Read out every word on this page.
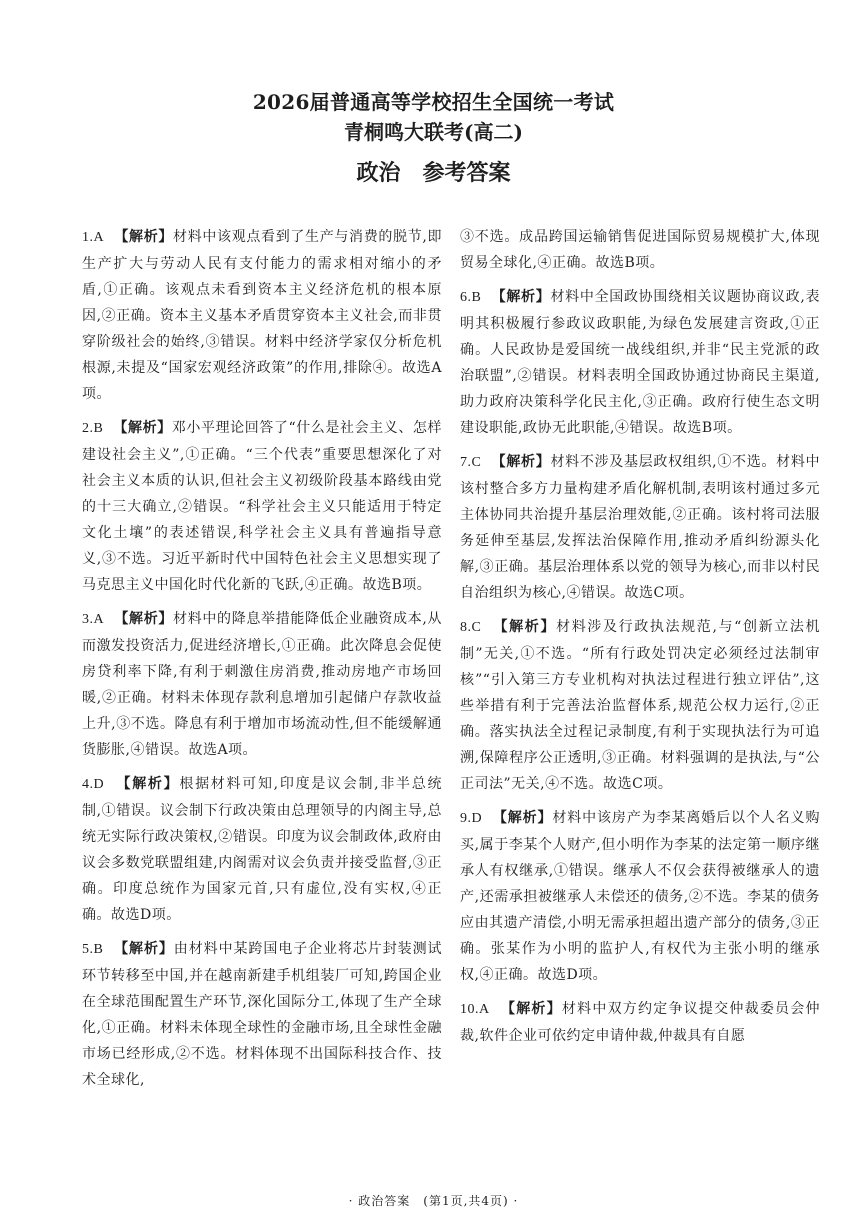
2026届普通高等学校招生全国统一考试
青桐鸣大联考(高二)
政治　参考答案

1.A 【解析】材料中该观点看到了生产与消费的脱节,即生产扩大与劳动人民有支付能力的需求相对缩小的矛盾,①正确。该观点未看到资本主义经济危机的根本原因,②正确。资本主义基本矛盾贯穿资本主义社会,而非贯穿阶级社会的始终,③错误。材料中经济学家仅分析危机根源,未提及“国家宏观经济政策”的作用,排除④。故选A项。

2.B 【解析】邓小平理论回答了“什么是社会主义、怎样建设社会主义”,①正确。“三个代表”重要思想深化了对社会主义本质的认识,但社会主义初级阶段基本路线由党的十三大确立,②错误。“科学社会主义只能适用于特定文化土壤”的表述错误,科学社会主义具有普遍指导意义,③不选。习近平新时代中国特色社会主义思想实现了马克思主义中国化时代化新的飞跃,④正确。故选B项。

3.A 【解析】材料中的降息举措能降低企业融资成本,从而激发投资活力,促进经济增长,①正确。此次降息会促使房贷利率下降,有利于刺激住房消费,推动房地产市场回暖,②正确。材料未体现存款利息增加引起储户存款收益上升,③不选。降息有利于增加市场流动性,但不能缓解通货膨胀,④错误。故选A项。

4.D 【解析】根据材料可知,印度是议会制,非半总统制,①错误。议会制下行政决策由总理领导的内阁主导,总统无实际行政决策权,②错误。印度为议会制政体,政府由议会多数党联盟组建,内阁需对议会负责并接受监督,③正确。印度总统作为国家元首,只有虚位,没有实权,④正确。故选D项。

5.B 【解析】由材料中某跨国电子企业将芯片封装测试环节转移至中国,并在越南新建手机组装厂可知,跨国企业在全球范围配置生产环节,深化国际分工,体现了生产全球化,①正确。材料未体现全球性的金融市场,且全球性金融市场已经形成,②不选。材料体现不出国际科技合作、技术全球化,

③不选。成品跨国运输销售促进国际贸易规模扩大,体现贸易全球化,④正确。故选B项。

6.B 【解析】材料中全国政协围绕相关议题协商议政,表明其积极履行参政议政职能,为绿色发展建言资政,①正确。人民政协是爱国统一战线组织,并非“民主党派的政治联盟”,②错误。材料表明全国政协通过协商民主渠道,助力政府决策科学化民主化,③正确。政府行使生态文明建设职能,政协无此职能,④错误。故选B项。

7.C 【解析】材料不涉及基层政权组织,①不选。材料中该村整合多方力量构建矛盾化解机制,表明该村通过多元主体协同共治提升基层治理效能,②正确。该村将司法服务延伸至基层,发挥法治保障作用,推动矛盾纠纷源头化解,③正确。基层治理体系以党的领导为核心,而非以村民自治组织为核心,④错误。故选C项。

8.C 【解析】材料涉及行政执法规范,与“创新立法机制”无关,①不选。“所有行政处罚决定必须经过法制审核”“引入第三方专业机构对执法过程进行独立评估”,这些举措有利于完善法治监督体系,规范公权力运行,②正确。落实执法全过程记录制度,有利于实现执法行为可追溯,保障程序公正透明,③正确。材料强调的是执法,与“公正司法”无关,④不选。故选C项。

9.D 【解析】材料中该房产为李某离婚后以个人名义购买,属于李某个人财产,但小明作为李某的法定第一顺序继承人有权继承,①错误。继承人不仅会获得被继承人的遗产,还需承担被继承人未偿还的债务,②不选。李某的债务应由其遗产清偿,小明无需承担超出遗产部分的债务,③正确。张某作为小明的监护人,有权代为主张小明的继承权,④正确。故选D项。

10.A 【解析】材料中双方约定争议提交仲裁委员会仲裁,软件企业可依约定申请仲裁,仲裁具有自愿

· 政治答案　(第1页,共4页) ·
